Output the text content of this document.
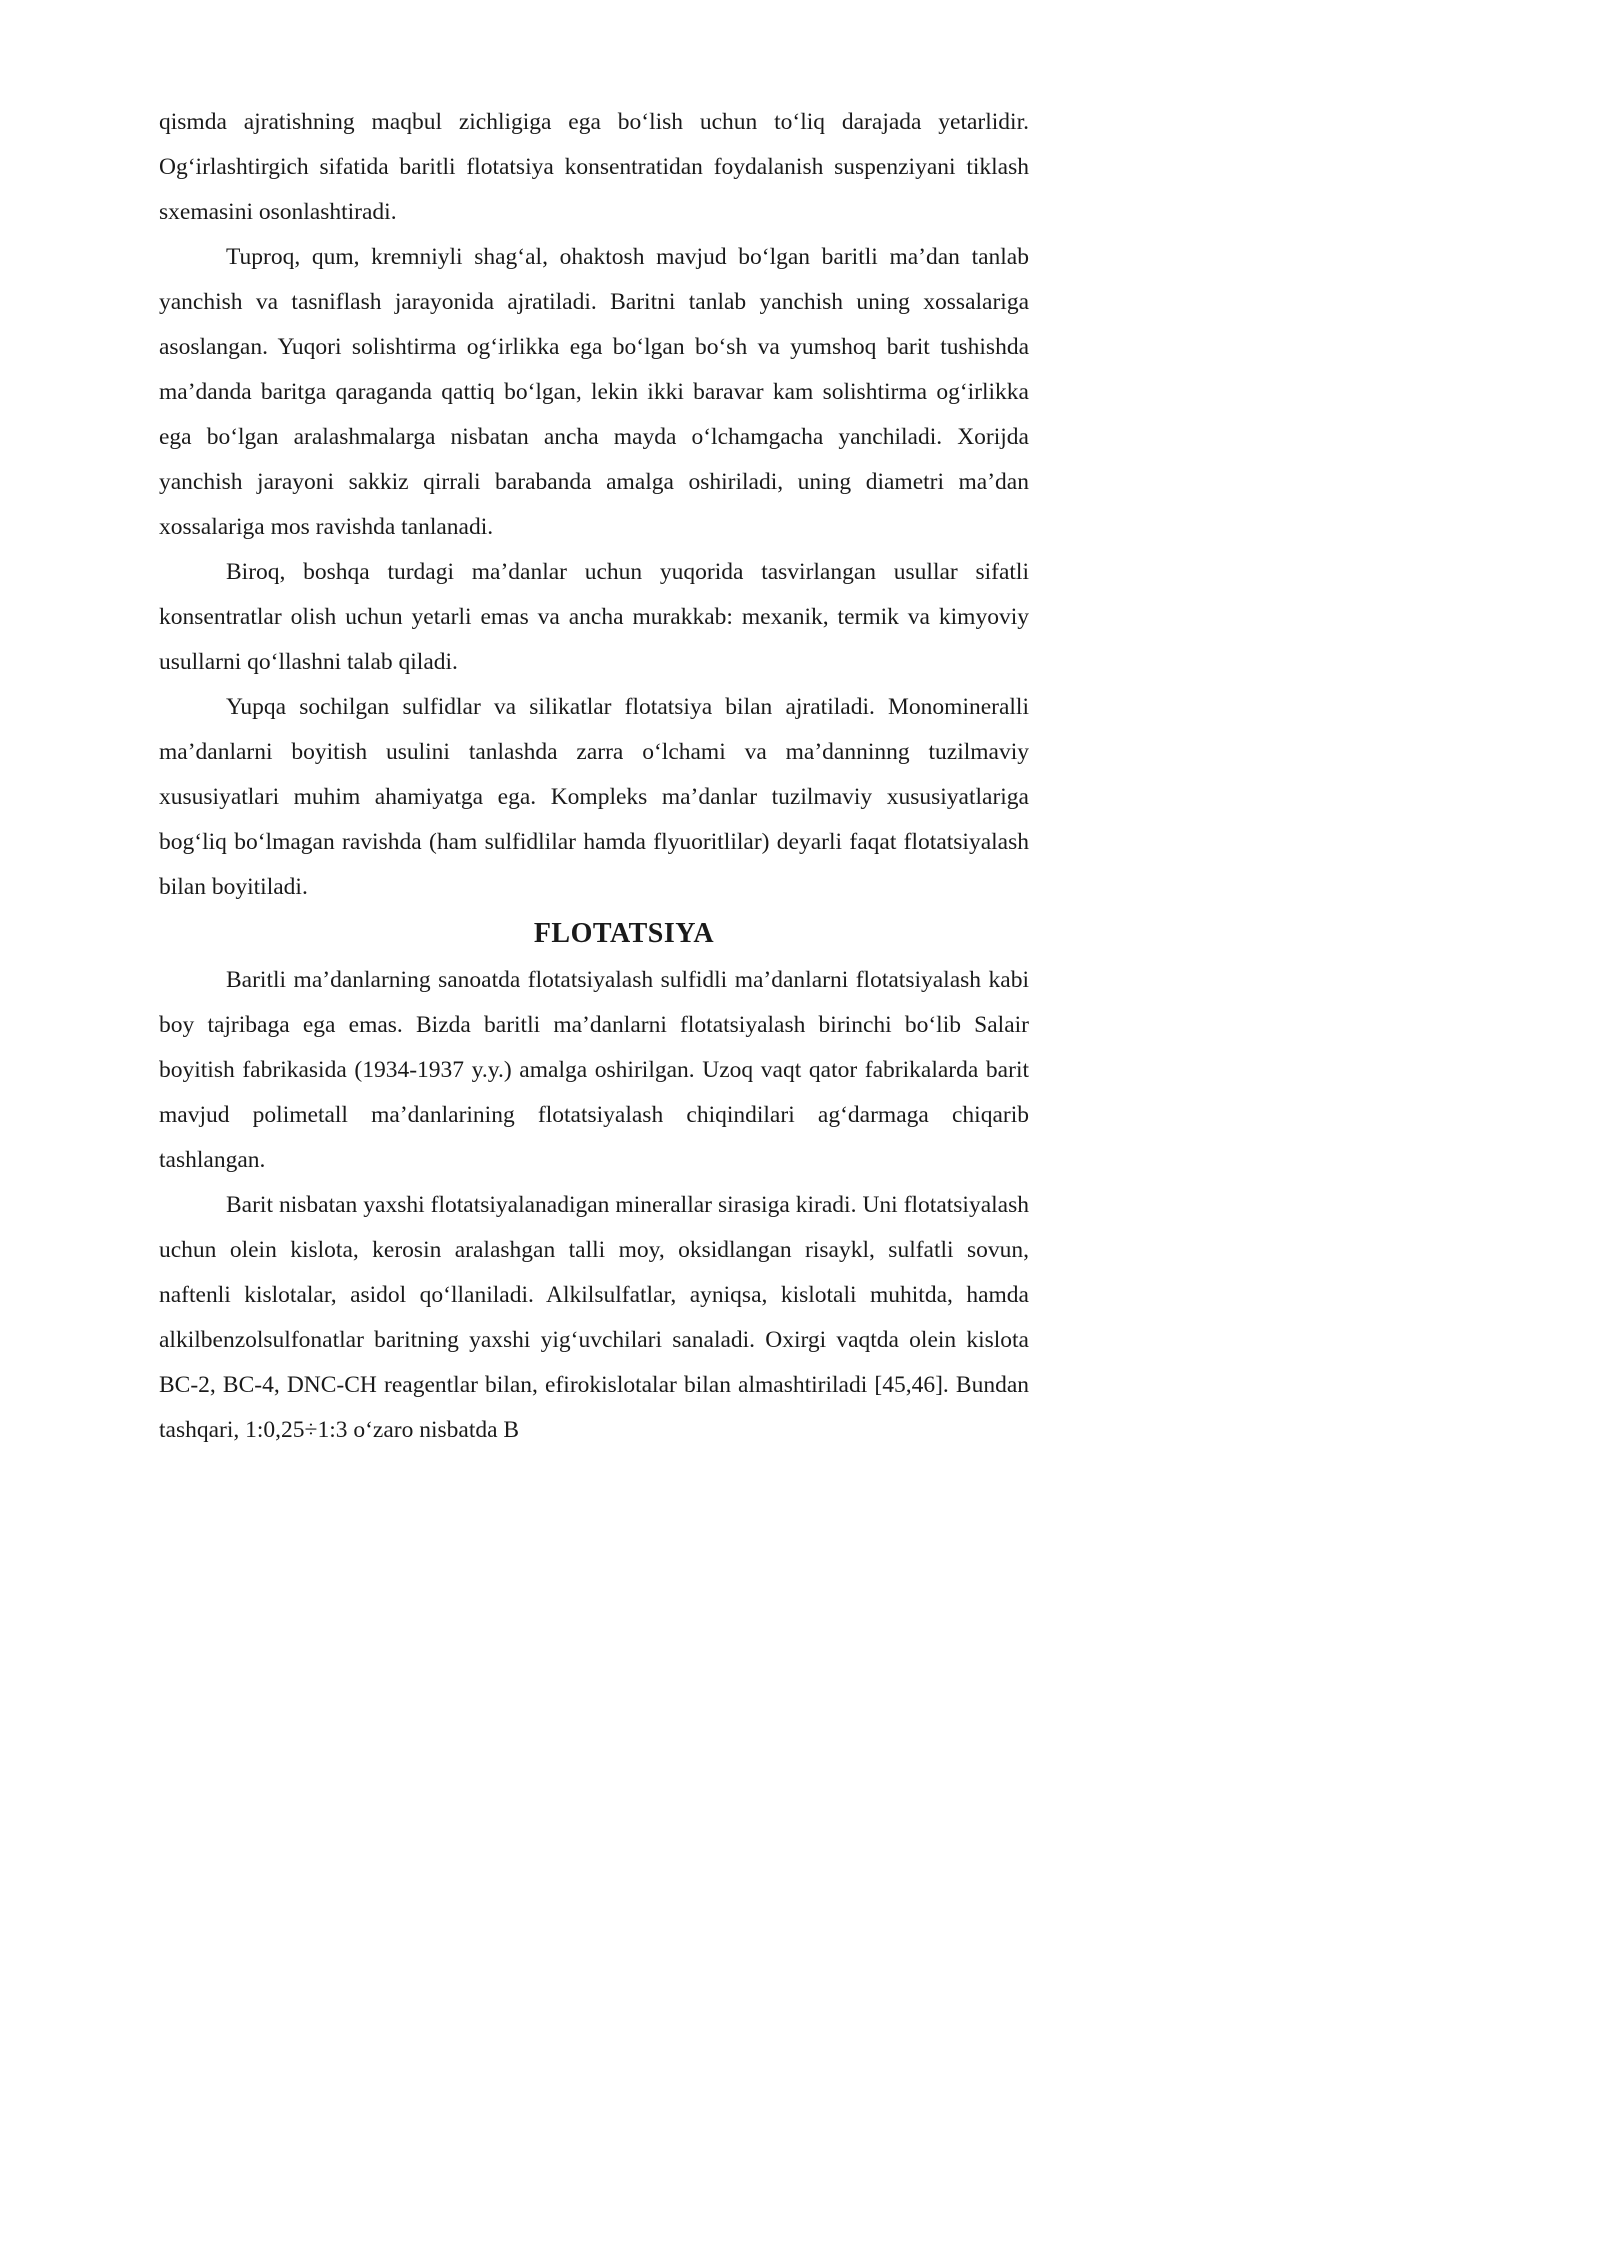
qismda ajratishning maqbul zichligiga ega bo‘lish uchun to‘liq darajada yetarlidir. Og‘irlashtirgich sifatida baritli flotatsiya konsentratidan foydalanish suspenziyani tiklash sxemasini osonlashtiradi.

Tuproq, qum, kremniyli shag‘al, ohaktosh mavjud bo‘lgan baritli ma’dan tanlab yanchish va tasniflash jarayonida ajratiladi. Baritni tanlab yanchish uning xossalariga asoslangan. Yuqori solishtirma og‘irlikka ega bo‘lgan bo‘sh va yumshoq barit tushishda ma’danda baritga qaraganda qattiq bo‘lgan, lekin ikki baravar kam solishtirma og‘irlikka ega bo‘lgan aralashmalarga nisbatan ancha mayda o‘lchamgacha yanchiladi. Xorijda yanchish jarayoni sakkiz qirrali barabanda amalga oshiriladi, uning diametri ma’dan xossalariga mos ravishda tanlanadi.

Biroq, boshqa turdagi ma’danlar uchun yuqorida tasvirlangan usullar sifatli konsentratlar olish uchun yetarli emas va ancha murakkab: mexanik, termik va kimyoviy usullarni qo‘llashni talab qiladi.

Yupqa sochilgan sulfidlar va silikatlar flotatsiya bilan ajratiladi. Monomineralli ma’danlarni boyitish usulini tanlashda zarra o‘lchami va ma’danninng tuzilmaviy xususiyatlari muhim ahamiyatga ega. Kompleks ma’danlar tuzilmaviy xususiyatlariga bog‘liq bo‘lmagan ravishda (ham sulfidlilar hamda flyuoritlilar) deyarli faqat flotatsiyalash bilan boyitiladi.

FLOTATSIYA

Baritli ma’danlarning sanoatda flotatsiyalash sulfidli ma’danlarni flotatsiyalash kabi boy tajribaga ega emas. Bizda baritli ma’danlarni flotatsiyalash birinchi bo‘lib Salair boyitish fabrikasida (1934-1937 y.y.) amalga oshirilgan. Uzoq vaqt qator fabrikalarda barit mavjud polimetall ma’danlarining flotatsiyalash chiqindilari ag‘darmaga chiqarib tashlangan.

Barit nisbatan yaxshi flotatsiyalanadigan minerallar sirasiga kiradi. Uni flotatsiyalash uchun olein kislota, kerosin aralashgan talli moy, oksidlangan risaykl, sulfatli sovun, naftenli kislotalar, asidol qo‘llaniladi. Alkilsulfatlar, ayniqsa, kislotali muhitda, hamda alkilbenzolsulfonatlar baritning yaxshi yig‘uvchilari sanaladi. Oxirgi vaqtda olein kislota BC-2, BC-4, DNC-CH reagentlar bilan, efirokislotalar bilan almashtiriladi [45,46]. Bundan tashqari, 1:0,25÷1:3 o‘zaro nisbatda B
